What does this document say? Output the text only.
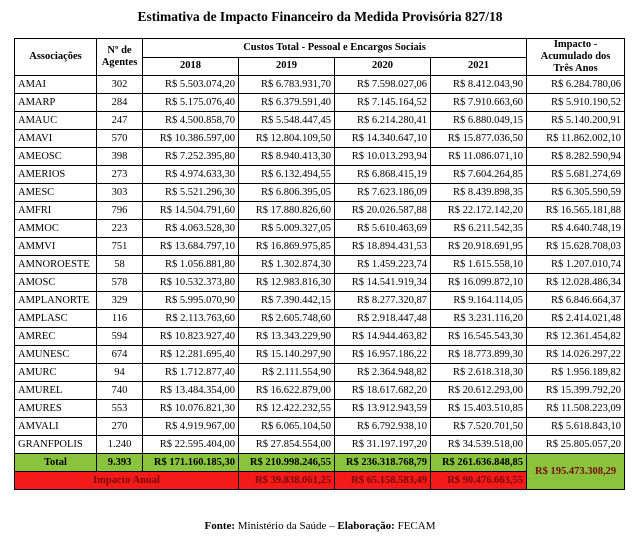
Estimativa de Impacto Financeiro da Medida Provisória 827/18
Associações	Nº de Agentes	Custos Total - Pessoal e Encargos Sociais				Impacto - Acumulado dos Três Anos
		2018	2019	2020	2021	
AMAI	302	R$ 5.503.074,20	R$ 6.783.931,70	R$ 7.598.027,06	R$ 8.412.043,90	R$ 6.284.780,06
AMARP	284	R$ 5.175.076,40	R$ 6.379.591,40	R$ 7.145.164,52	R$ 7.910.663,60	R$ 5.910.190,52
AMAUC	247	R$ 4.500.858,70	R$ 5.548.447,45	R$ 6.214.280,41	R$ 6.880.049,15	R$ 5.140.200,91
AMAVI	570	R$ 10.386.597,00	R$ 12.804.109,50	R$ 14.340.647,10	R$ 15.877.036,50	R$ 11.862.002,10
AMEOSC	398	R$ 7.252.395,80	R$ 8.940.413,30	R$ 10.013.293,94	R$ 11.086.071,10	R$ 8.282.590,94
AMERIOS	273	R$ 4.974.633,30	R$ 6.132.494,55	R$ 6.868.415,19	R$ 7.604.264,85	R$ 5.681.274,69
AMESC	303	R$ 5.521.296,30	R$ 6.806.395,05	R$ 7.623.186,09	R$ 8.439.898,35	R$ 6.305.590,59
AMFRI	796	R$ 14.504.791,60	R$ 17.880.826,60	R$ 20.026.587,88	R$ 22.172.142,20	R$ 16.565.181,88
AMMOC	223	R$ 4.063.528,30	R$ 5.009.327,05	R$ 5.610.463,69	R$ 6.211.542,35	R$ 4.640.748,19
AMMVI	751	R$ 13.684.797,10	R$ 16.869.975,85	R$ 18.894.431,53	R$ 20.918.691,95	R$ 15.628.708,03
AMNOROESTE	58	R$ 1.056.881,80	R$ 1.302.874,30	R$ 1.459.223,74	R$ 1.615.558,10	R$ 1.207.010,74
AMOSC	578	R$ 10.532.373,80	R$ 12.983.816,30	R$ 14.541.919,34	R$ 16.099.872,10	R$ 12.028.486,34
AMPLANORTE	329	R$ 5.995.070,90	R$ 7.390.442,15	R$ 8.277.320,87	R$ 9.164.114,05	R$ 6.846.664,37
AMPLASC	116	R$ 2.113.763,60	R$ 2.605.748,60	R$ 2.918.447,48	R$ 3.231.116,20	R$ 2.414.021,48
AMREC	594	R$ 10.823.927,40	R$ 13.343.229,90	R$ 14.944.463,82	R$ 16.545.543,30	R$ 12.361.454,82
AMUNESC	674	R$ 12.281.695,40	R$ 15.140.297,90	R$ 16.957.186,22	R$ 18.773.899,30	R$ 14.026.297,22
AMURC	94	R$ 1.712.877,40	R$ 2.111.554,90	R$ 2.364.948,82	R$ 2.618.318,30	R$ 1.956.189,82
AMUREL	740	R$ 13.484.354,00	R$ 16.622.879,00	R$ 18.617.682,20	R$ 20.612.293,00	R$ 15.399.792,20
AMURES	553	R$ 10.076.821,30	R$ 12.422.232,55	R$ 13.912.943,59	R$ 15.403.510,85	R$ 11.508.223,09
AMVALI	270	R$ 4.919.967,00	R$ 6.065.104,50	R$ 6.792.938,10	R$ 7.520.701,50	R$ 5.618.843,10
GRANFPOLIS	1.240	R$ 22.595.404,00	R$ 27.854.554,00	R$ 31.197.197,20	R$ 34.539.518,00	R$ 25.805.057,20
Total	9.393	R$ 171.160.185,30	R$ 210.998.246,55	R$ 236.318.768,79	R$ 261.636.848,85	R$ 195.473.308,29
Impacto Anual			R$ 39.838.061,25	R$ 65.158.583,49	R$ 90.476.663,55	
Fonte: Ministério da Saúde – Elaboração: FECAM
